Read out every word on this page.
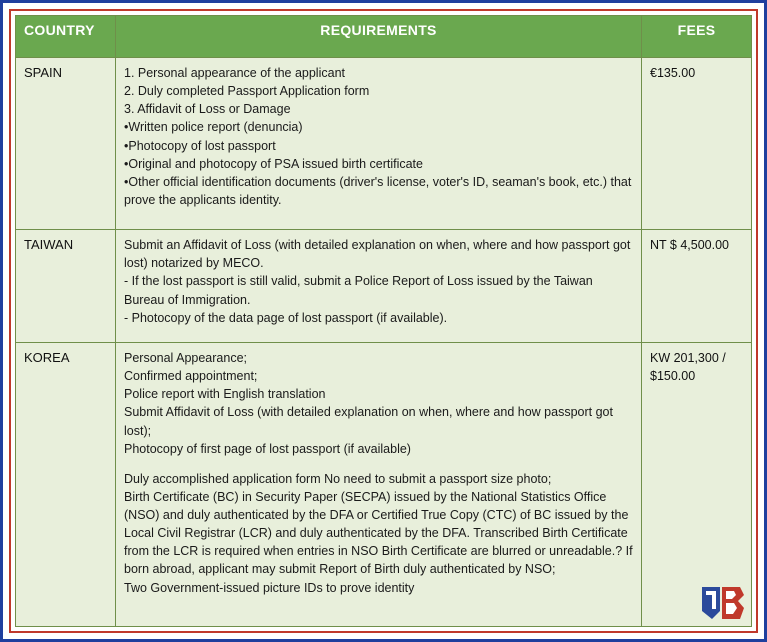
COUNTRY	REQUIREMENTS	FEES
SPAIN	1. Personal appearance of the applicant
2. Duly completed Passport Application form
3. Affidavit of Loss or Damage
•Written police report (denuncia)
•Photocopy of lost passport
•Original and photocopy of PSA issued birth certificate
•Other official identification documents (driver's license, voter's ID, seaman's book, etc.) that prove the applicants identity.
	€135.00
TAIWAN	Submit an Affidavit of Loss (with detailed explanation on when, where and how passport got lost) notarized by MECO.
- If the lost passport is still valid, submit a Police Report of Loss issued by the Taiwan Bureau of Immigration.
- Photocopy of the data page of lost passport (if available).	NT $ 4,500.00
KOREA	Personal Appearance;
Confirmed appointment;
Police report with English translation
Submit Affidavit of Loss (with detailed explanation on when, where and how passport got lost);
Photocopy of first page of lost passport (if available)
Duly accomplished application form No need to submit a passport size photo;
Birth Certificate (BC) in Security Paper (SECPA) issued by the National Statistics Office (NSO) and duly authenticated by the DFA or Certified True Copy (CTC) of BC issued by the Local Civil Registrar (LCR) and duly authenticated by the DFA. Transcribed Birth Certificate from the LCR is required when entries in NSO Birth Certificate are blurred or unreadable.? If born abroad, applicant may submit Report of Birth duly authenticated by NSO;
Two Government-issued picture IDs to prove identity
	KW 201,300 / $150.00
